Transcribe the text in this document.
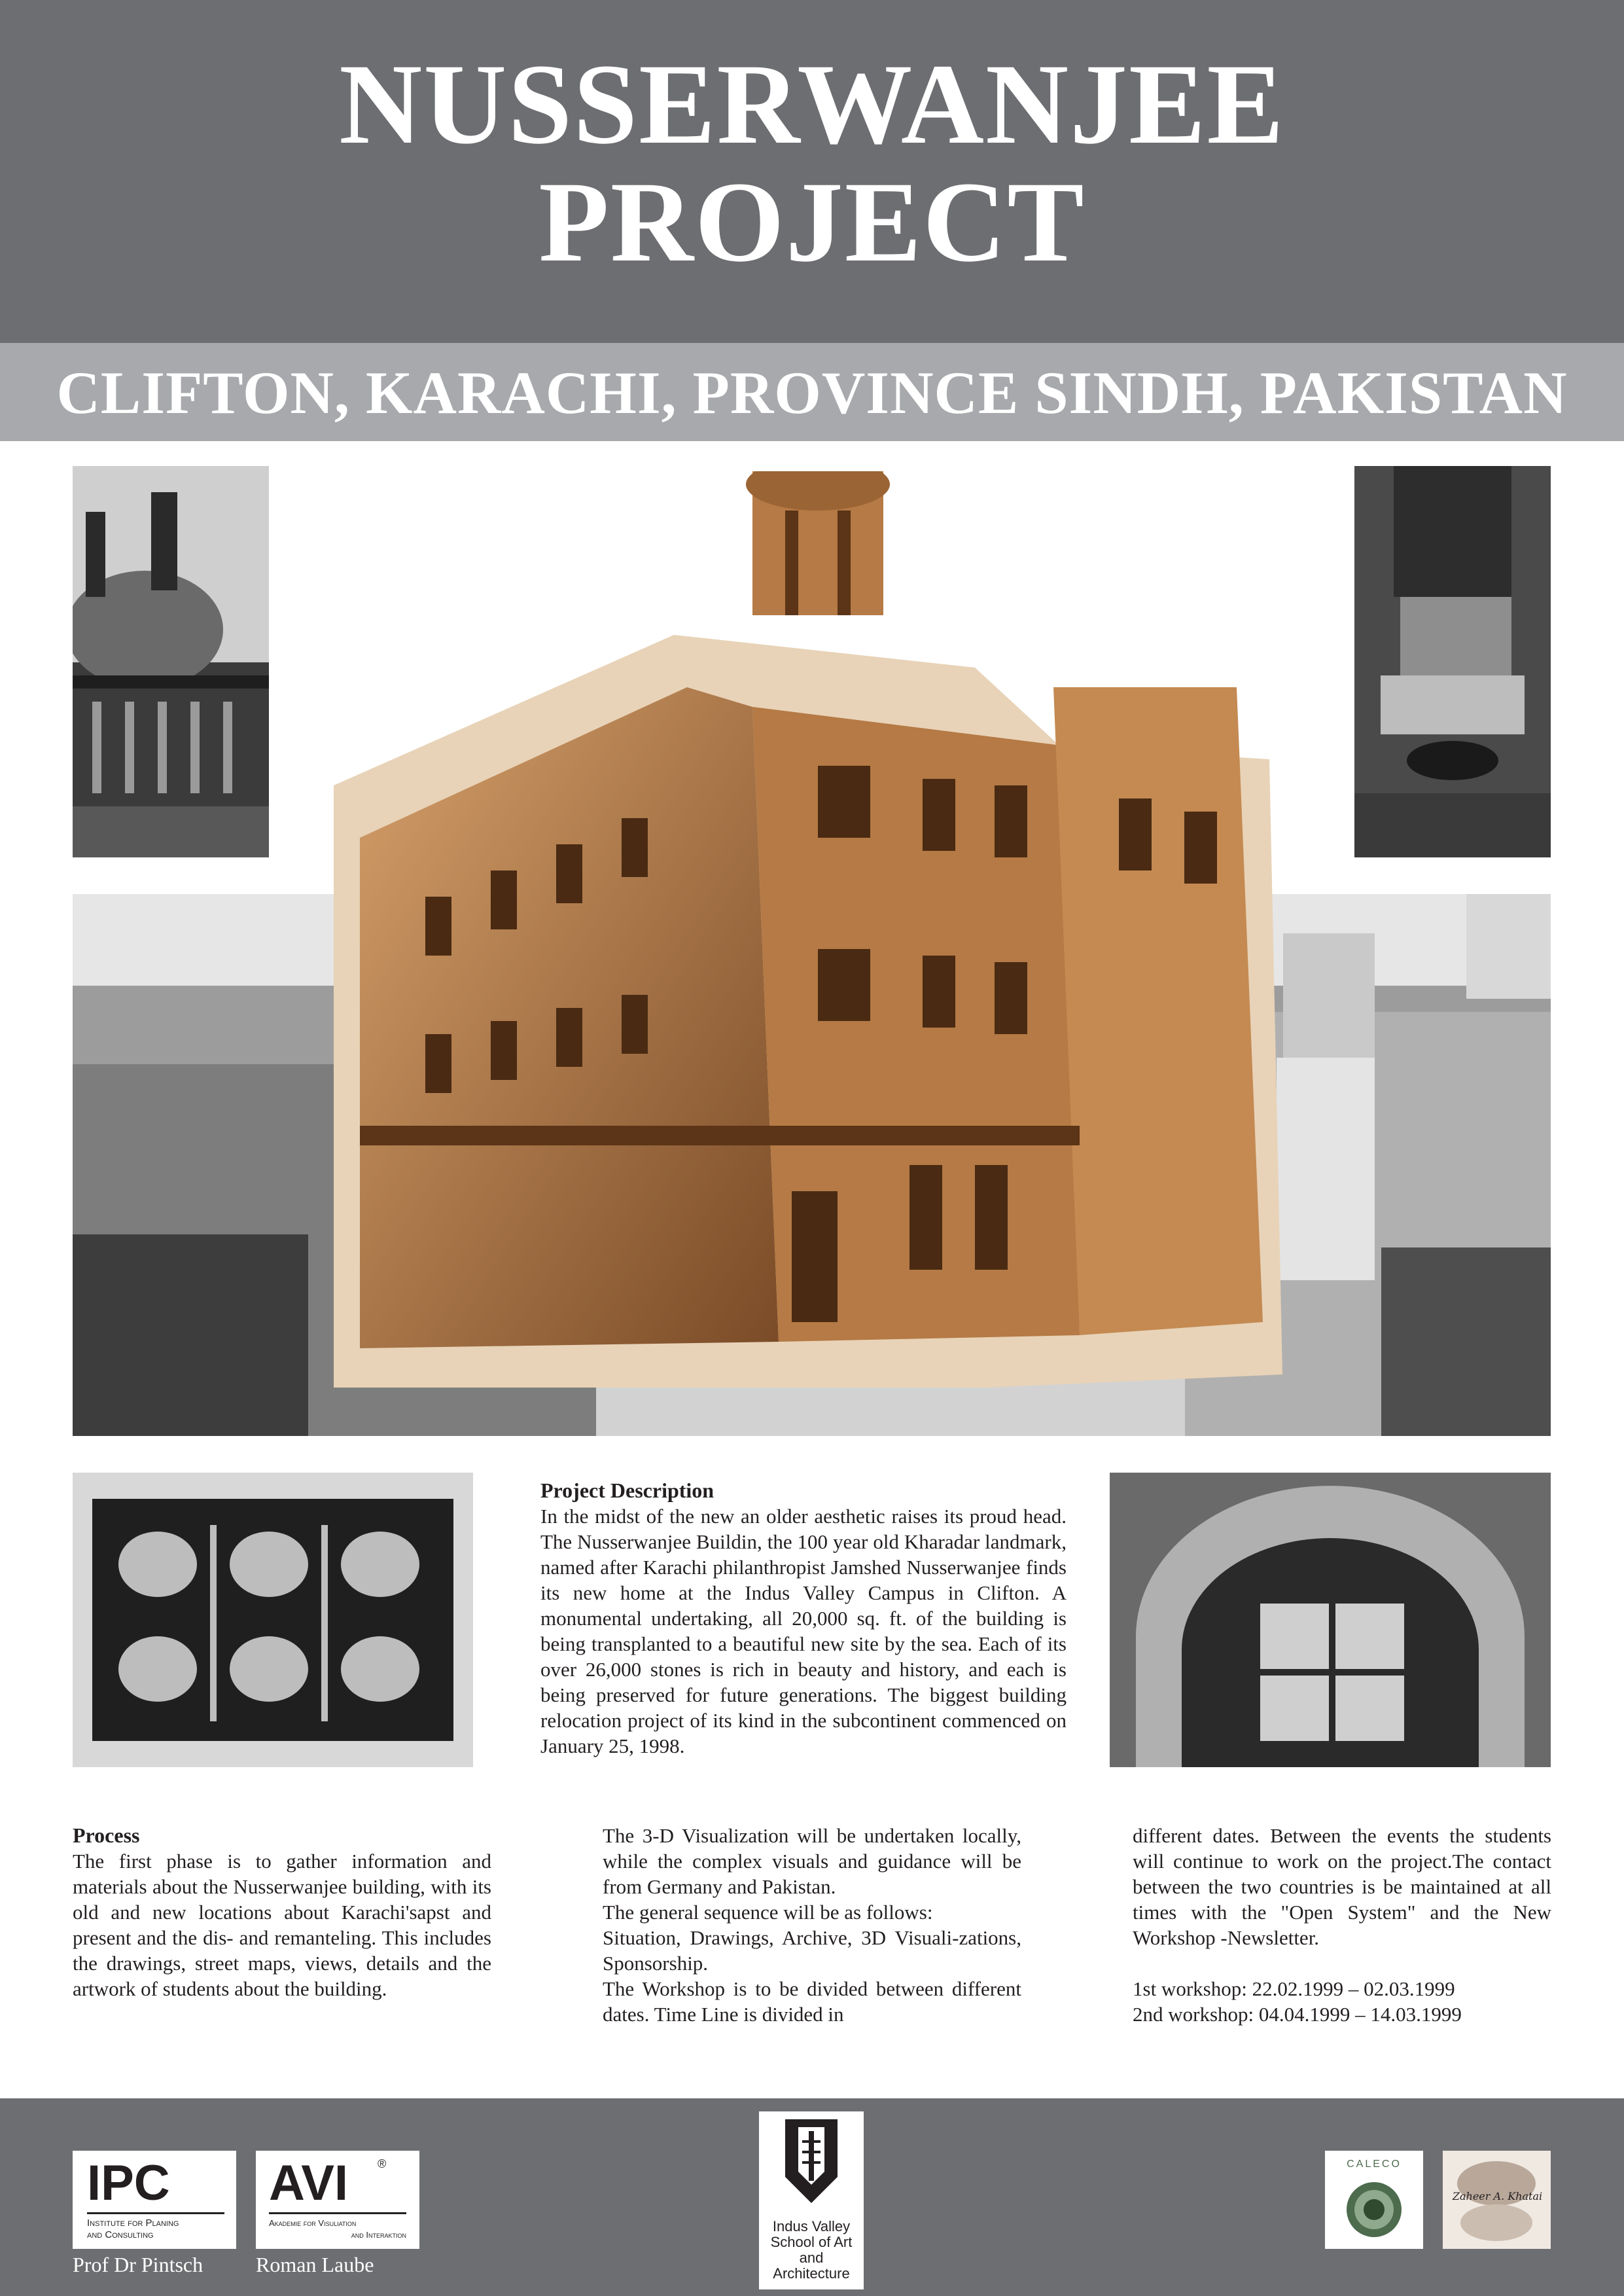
NUSSERWANJEE
PROJECT
CLIFTON, KARACHI, PROVINCE SINDH, PAKISTAN
Project Description

In the midst of the new an older aesthetic raises its proud head. The Nusserwanjee Buildin, the 100 year old Kharadar landmark, named after Karachi philanthropist Jamshed Nusserwanjee finds its new home at the Indus Valley Campus in Clifton. A monumental undertaking, all 20,000 sq. ft. of the building is being transplanted to a beautiful new site by the sea. Each of its over 26,000 stones is rich in beauty and history, and each is being preserved for future generations. The biggest building relocation project of its kind in the subcontinent commenced on January 25, 1998.

Process

The first phase is to gather information and materials about the Nusserwanjee building, with its old and new locations about Karachi'sapst and present and the dis- and remanteling. This includes the drawings, street maps, views, details and the artwork of students about the building.

The 3-D Visualization will be undertaken locally, while the complex visuals and guidance will be from Germany and Pakistan.

The general sequence will be as follows:

Situation, Drawings, Archive, 3D Visuali-zations, Sponsorship.

The Workshop is to be divided between different dates. Time Line is divided in

different dates. Between the events the students will continue to work on the project.The contact between the two countries is be maintained at all times with the "Open System" and the New Workshop -Newsletter.

1st workshop: 22.02.1999 – 02.03.1999

2nd workshop: 04.04.1999 – 14.03.1999

IPC
Institute for Planing
and Consulting
AVI ®
Akademie for Visuliation
and Interaktion
Prof Dr Pintsch	Roman Laube
Indus Valley
School of Art
and
Architecture
CALECO
Zaheer A. Khatai
